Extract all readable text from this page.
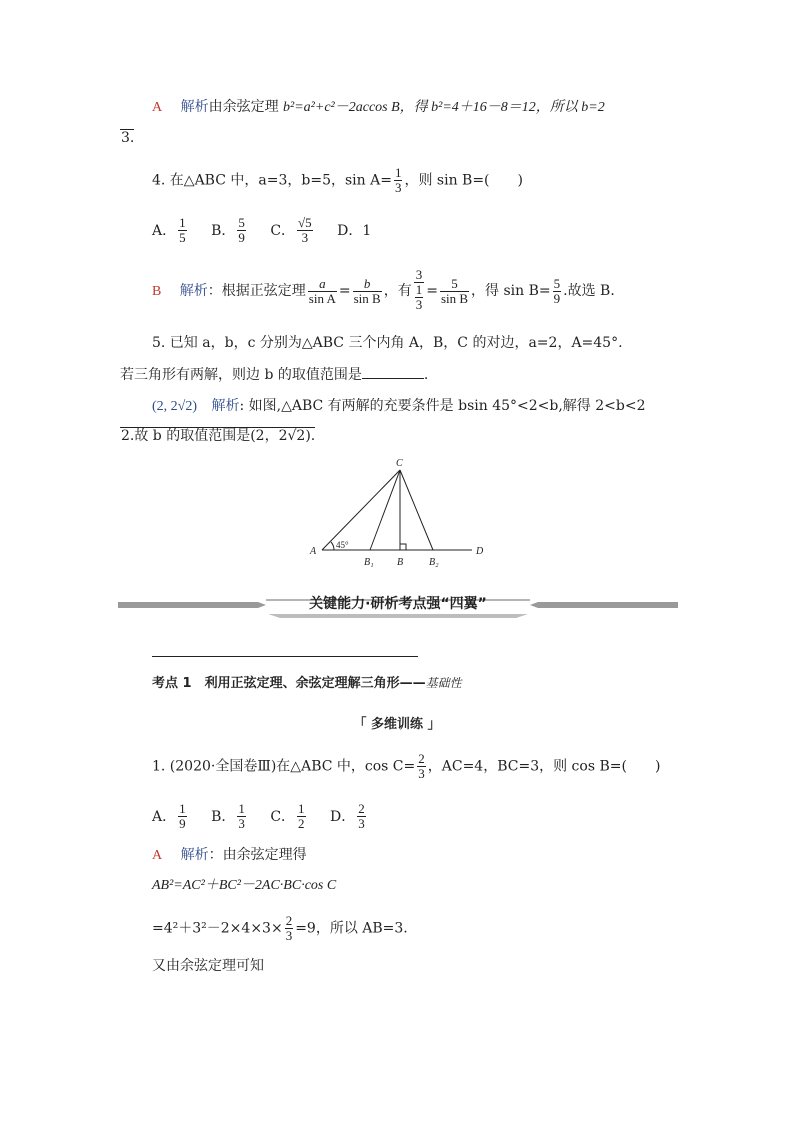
A 解析由余弦定理 b²=a²+c²－2accos B，得 b²=4＋16－8＝12，所以 b=2
3.
4. 在△ABC 中，a=3，b=5，$\sin A= \frac{1}{3}$ ，则 sin B=(　　)
A． $\frac{1}{5}$ B． $\frac{5}{9}$ C． $\frac{√5}{3}$ D．1
B 解析：根据正弦定理 $\frac{a}{\text{sin A}} = \frac{b}{\text{sin B}}$ ，有 3
1
$3 = \frac{5}{\text{sin B}}$ ，得 $\sin B= \frac{5}{9}$ .故选 B．
5. 已知 a，b，c 分别为△ABC 三个内角 A，B，C 的对边，a=2，A=45°.
若三角形有两解，则边 b 的取值范围是	.
(2, 2√2) 解析: 如图,△ABC 有两解的充要条件是 bsin 45°<2<b,解得 2<b<2
2.故 b 的取值范围是(2，2√2).
C
A
B₁ B	B₂
D
45°
关键能力·研析考点强“四翼”
考点 1　利用正弦定理、余弦定理解三角形——基础性
「 多维训练 」
1. (2020·全国卷Ⅲ)在△ABC 中，$\cos C= \frac{2}{3}$ ，AC=4，BC=3，则 cos B=(　　)
A． $\frac{1}{9}$ B． $\frac{1}{3}$ C． $\frac{1}{2}$ D． $\frac{2}{3}$
A 解析：由余弦定理得
AB²=AC²＋BC²－2AC·BC·cos C
$=4^2+3^2-2\times 4\times 3\times \frac{2}{3} =9$，所以 AB=3.
又由余弦定理可知
